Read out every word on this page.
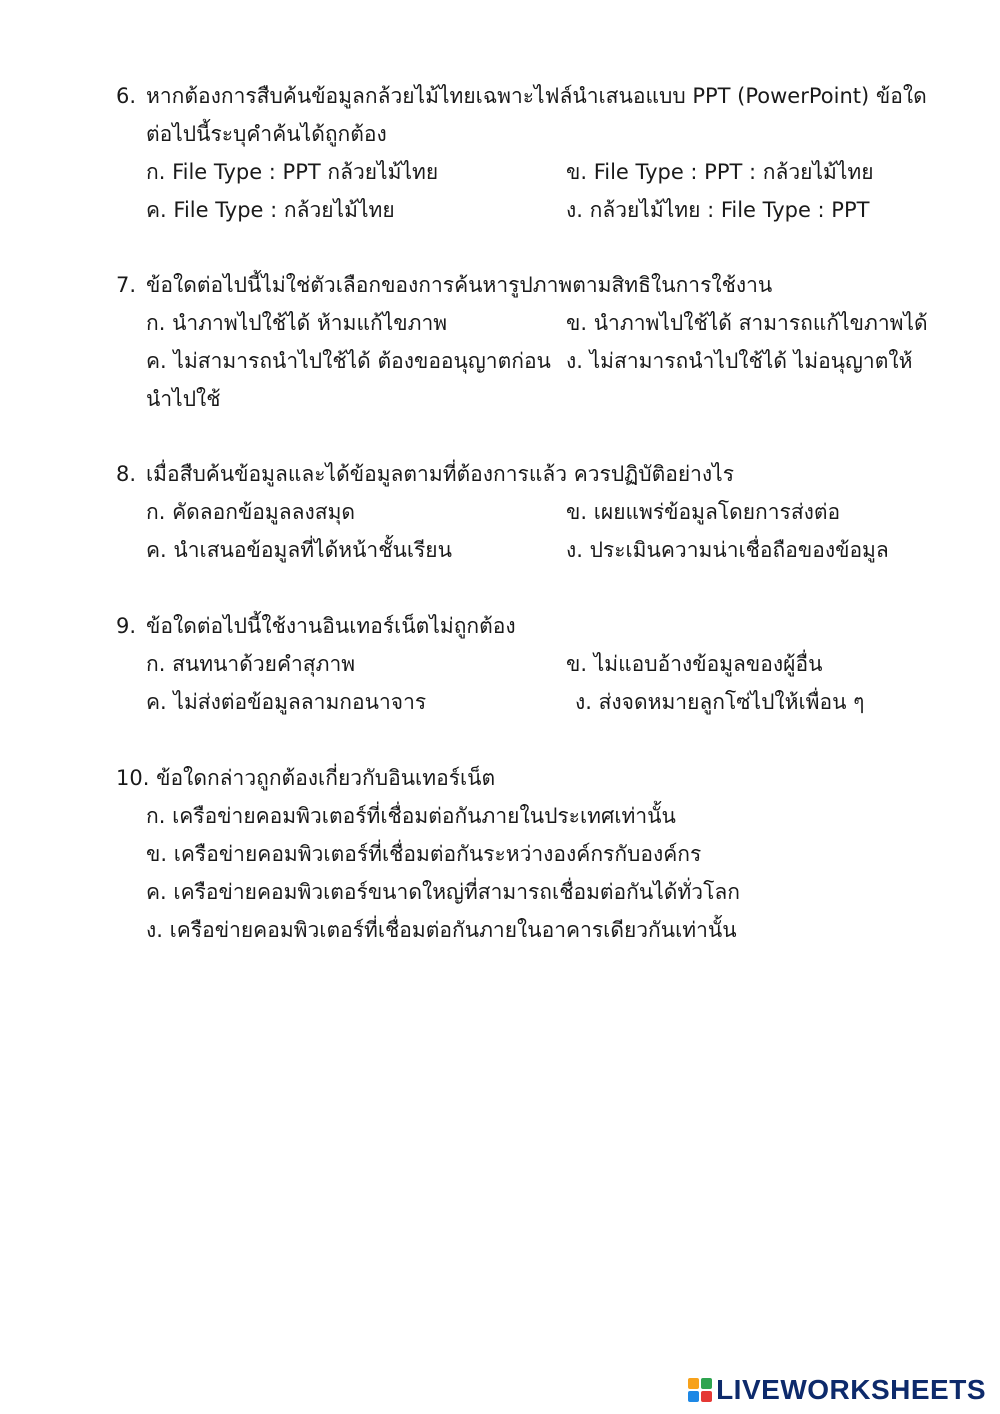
6. หากต้องการสืบค้นข้อมูลกล้วยไม้ไทยเฉพาะไฟล์นำเสนอแบบ PPT (PowerPoint) ข้อใด
ต่อไปนี้ระบุคำค้นได้ถูกต้อง
ก. File Type : PPT กล้วยไม้ไทย	ข. File Type : PPT : กล้วยไม้ไทย
ค. File Type : กล้วยไม้ไทย	ง. กล้วยไม้ไทย : File Type : PPT
7. ข้อใดต่อไปนี้ไม่ใช่ตัวเลือกของการค้นหารูปภาพตามสิทธิในการใช้งาน
ก. นำภาพไปใช้ได้ ห้ามแก้ไขภาพ	ข. นำภาพไปใช้ได้ สามารถแก้ไขภาพได้
ค. ไม่สามารถนำไปใช้ได้ ต้องขออนุญาตก่อน ง. ไม่สามารถนำไปใช้ได้ ไม่อนุญาตให้
นำไปใช้
8. เมื่อสืบค้นข้อมูลและได้ข้อมูลตามที่ต้องการแล้ว ควรปฏิบัติอย่างไร
ก. คัดลอกข้อมูลลงสมุด	ข. เผยแพร่ข้อมูลโดยการส่งต่อ
ค. นำเสนอข้อมูลที่ได้หน้าชั้นเรียน	ง. ประเมินความน่าเชื่อถือของข้อมูล
9. ข้อใดต่อไปนี้ใช้งานอินเทอร์เน็ตไม่ถูกต้อง
ก. สนทนาด้วยคำสุภาพ	ข. ไม่แอบอ้างข้อมูลของผู้อื่น
ค. ไม่ส่งต่อข้อมูลลามกอนาจาร	ง. ส่งจดหมายลูกโซ่ไปให้เพื่อน ๆ
10. ข้อใดกล่าวถูกต้องเกี่ยวกับอินเทอร์เน็ต
ก. เครือข่ายคอมพิวเตอร์ที่เชื่อมต่อกันภายในประเทศเท่านั้น
ข. เครือข่ายคอมพิวเตอร์ที่เชื่อมต่อกันระหว่างองค์กรกับองค์กร
ค. เครือข่ายคอมพิวเตอร์ขนาดใหญ่ที่สามารถเชื่อมต่อกันได้ทั่วโลก
ง. เครือข่ายคอมพิวเตอร์ที่เชื่อมต่อกันภายในอาคารเดียวกันเท่านั้น
LIVEWORKSHEETS
